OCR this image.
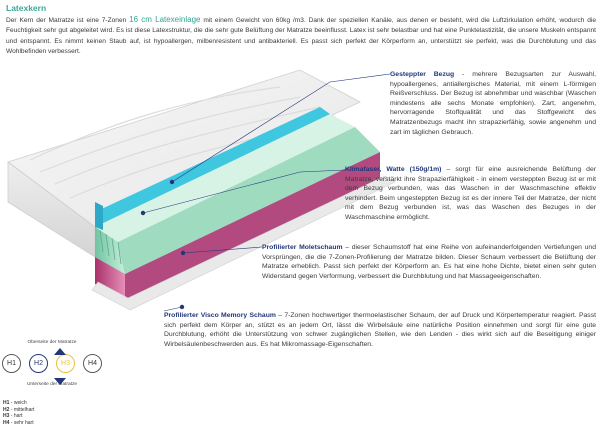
Latexkern

Der Kern der Matratze ist eine 7-Zonen 16 cm Latexeinlage mit einem Gewicht von 60kg /m3. Dank der speziellen Kanäle, aus denen er besteht, wird die Luftzirkulation erhöht, wodurch die Feuchtigkeit sehr gut abgeleitet wird. Es ist diese Latexstruktur, die die sehr gute Belüftung der Matratze beeinflusst. Latex ist sehr belastbar und hat eine Punktelastizität, die unsere Muskeln entspannt und entspannt. Es nimmt keinen Staub auf, ist hypoallergen, milbenresistent und antibakteriell. Es passt sich perfekt der Körperform an, unterstützt sie perfekt, was die Durchblutung und das Wohlbefinden verbessert.

Gesteppter Bezug - mehrere Bezugsarten zur Auswahl, hypoallergenes, antiallergisches Material, mit einem L-förmigen Reißverschluss. Der Bezug ist abnehmbar und waschbar (Waschen mindestens alle sechs Monate empfohlen). Zart, angenehm, hervorragende Stoffqualität und das Stoffgewicht des Matratzenbezugs macht ihn strapazierfähig, sowie angenehm und zart im täglichen Gebrauch.
Klimafaser, Watte (150g/1m) – sorgt für eine ausreichende Belüftung der Matratze, verstärkt ihre Strapazierfähigkeit - in einem versteppten Bezug ist er mit dem Bezug verbunden, was das Waschen in der Waschmaschine effektiv verhindert. Beim ungesteppten Bezug ist es der innere Teil der Matratze, der nicht mit dem Bezug verbunden ist, was das Waschen des Bezuges in der Waschmaschine ermöglicht.
Profilierter Moletschaum – dieser Schaumstoff hat eine Reihe von aufeinanderfolgenden Vertiefungen und Vorsprüngen, die die 7-Zonen-Profilierung der Matratze bilden. Dieser Schaum verbessert die Belüftung der Matratze erheblich. Passt sich perfekt der Körperform an. Es hat eine hohe Dichte, bietet einen sehr guten Widerstand gegen Verformung, verbessert die Durchblutung und hat Massageeigenschaften.
Profilierter Visco Memory Schaum – 7-Zonen hochwertiger thermoelastischer Schaum, der auf Druck und Körpertemperatur reagiert. Passt sich perfekt dem Körper an, stützt es an jedem Ort, lässt die Wirbelsäule eine natürliche Position einnehmen und sorgt für eine gute Durchblutung, erhöht die Unterstützung von schwer zugänglichen Stellen, wie den Lenden - dies wirkt sich auf die Beseitigung einiger Wirbelsäulenbeschwerden aus. Es hat Mikromassage-Eigenschaften.
Oberseite der Matratze
H1	H2	H3	H4
Unterseite der Matratze
H1 - weich
H2 - mittelhart
H3 - hart
H4 - sehr hart
